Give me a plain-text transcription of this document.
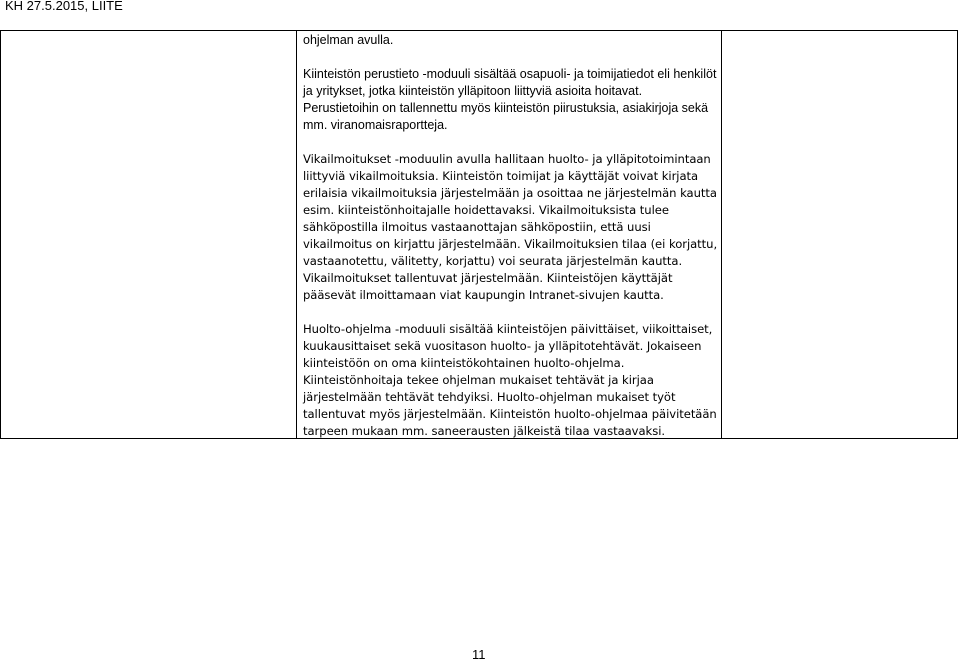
KH 27.5.2015, LIITE

ohjelman avulla.

Kiinteistön perustieto -moduuli sisältää osapuoli- ja toimijatiedot eli henkilöt ja yritykset, jotka kiinteistön ylläpitoon liittyviä asioita hoitavat. Perustietoihin on tallennettu myös kiinteistön piirustuksia, asiakirjoja sekä mm. viranomaisraportteja.

Vikailmoitukset -moduulin avulla hallitaan huolto- ja ylläpitotoimintaan liittyviä vikailmoituksia. Kiinteistön toimijat ja käyttäjät voivat kirjata erilaisia vikailmoituksia järjestelmään ja osoittaa ne järjestelmän kautta esim. kiinteistönhoitajalle hoidettavaksi. Vikailmoituksista tulee sähköpostilla ilmoitus vastaanottajan sähköpostiin, että uusi vikailmoitus on kirjattu järjestelmään. Vikailmoituksien tilaa (ei korjattu, vastaanotettu, välitetty, korjattu) voi seurata järjestelmän kautta. Vikailmoitukset tallentuvat järjestelmään. Kiinteistöjen käyttäjät pääsevät ilmoittamaan viat kaupungin Intranet-sivujen kautta.

Huolto-ohjelma -moduuli sisältää kiinteistöjen päivittäiset, viikoittaiset, kuukausittaiset sekä vuositason huolto- ja ylläpitotehtävät. Jokaiseen kiinteistöön on oma kiinteistökohtainen huolto-ohjelma. Kiinteistönhoitaja tekee ohjelman mukaiset tehtävät ja kirjaa järjestelmään tehtävät tehdyiksi. Huolto-ohjelman mukaiset työt tallentuvat myös järjestelmään. Kiinteistön huolto-ohjelmaa päivitetään tarpeen mukaan mm. saneerausten jälkeistä tilaa vastaavaksi.

11
